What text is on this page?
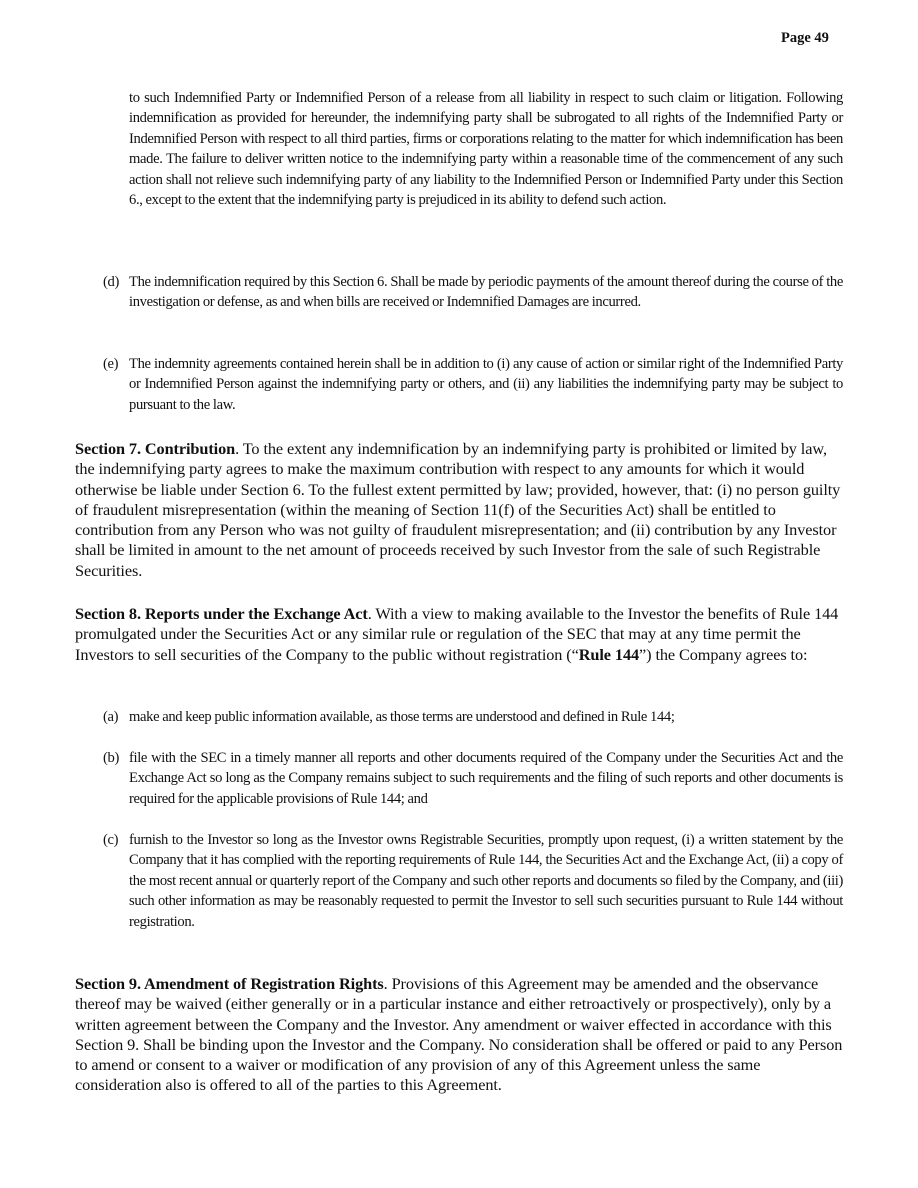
Page 49
to such Indemnified Party or Indemnified Person of a release from all liability in respect to such claim or litigation. Following indemnification as provided for hereunder, the indemnifying party shall be subrogated to all rights of the Indemnified Party or Indemnified Person with respect to all third parties, firms or corporations relating to the matter for which indemnification has been made. The failure to deliver written notice to the indemnifying party within a reasonable time of the commencement of any such action shall not relieve such indemnifying party of any liability to the Indemnified Person or Indemnified Party under this Section 6., except to the extent that the indemnifying party is prejudiced in its ability to defend such action.
(d) The indemnification required by this Section 6. Shall be made by periodic payments of the amount thereof during the course of the investigation or defense, as and when bills are received or Indemnified Damages are incurred.
(e) The indemnity agreements contained herein shall be in addition to (i) any cause of action or similar right of the Indemnified Party or Indemnified Person against the indemnifying party or others, and (ii) any liabilities the indemnifying party may be subject to pursuant to the law.
Section 7. Contribution. To the extent any indemnification by an indemnifying party is prohibited or limited by law, the indemnifying party agrees to make the maximum contribution with respect to any amounts for which it would otherwise be liable under Section 6. To the fullest extent permitted by law; provided, however, that: (i) no person guilty of fraudulent misrepresentation (within the meaning of Section 11(f) of the Securities Act) shall be entitled to contribution from any Person who was not guilty of fraudulent misrepresentation; and (ii) contribution by any Investor shall be limited in amount to the net amount of proceeds received by such Investor from the sale of such Registrable Securities.
Section 8. Reports under the Exchange Act. With a view to making available to the Investor the benefits of Rule 144 promulgated under the Securities Act or any similar rule or regulation of the SEC that may at any time permit the Investors to sell securities of the Company to the public without registration (“Rule 144”) the Company agrees to:
(a) make and keep public information available, as those terms are understood and defined in Rule 144;
(b) file with the SEC in a timely manner all reports and other documents required of the Company under the Securities Act and the Exchange Act so long as the Company remains subject to such requirements and the filing of such reports and other documents is required for the applicable provisions of Rule 144; and
(c) furnish to the Investor so long as the Investor owns Registrable Securities, promptly upon request, (i) a written statement by the Company that it has complied with the reporting requirements of Rule 144, the Securities Act and the Exchange Act, (ii) a copy of the most recent annual or quarterly report of the Company and such other reports and documents so filed by the Company, and (iii) such other information as may be reasonably requested to permit the Investor to sell such securities pursuant to Rule 144 without registration.
Section 9. Amendment of Registration Rights. Provisions of this Agreement may be amended and the observance thereof may be waived (either generally or in a particular instance and either retroactively or prospectively), only by a written agreement between the Company and the Investor. Any amendment or waiver effected in accordance with this Section 9. Shall be binding upon the Investor and the Company. No consideration shall be offered or paid to any Person to amend or consent to a waiver or modification of any provision of any of this Agreement unless the same consideration also is offered to all of the parties to this Agreement.
